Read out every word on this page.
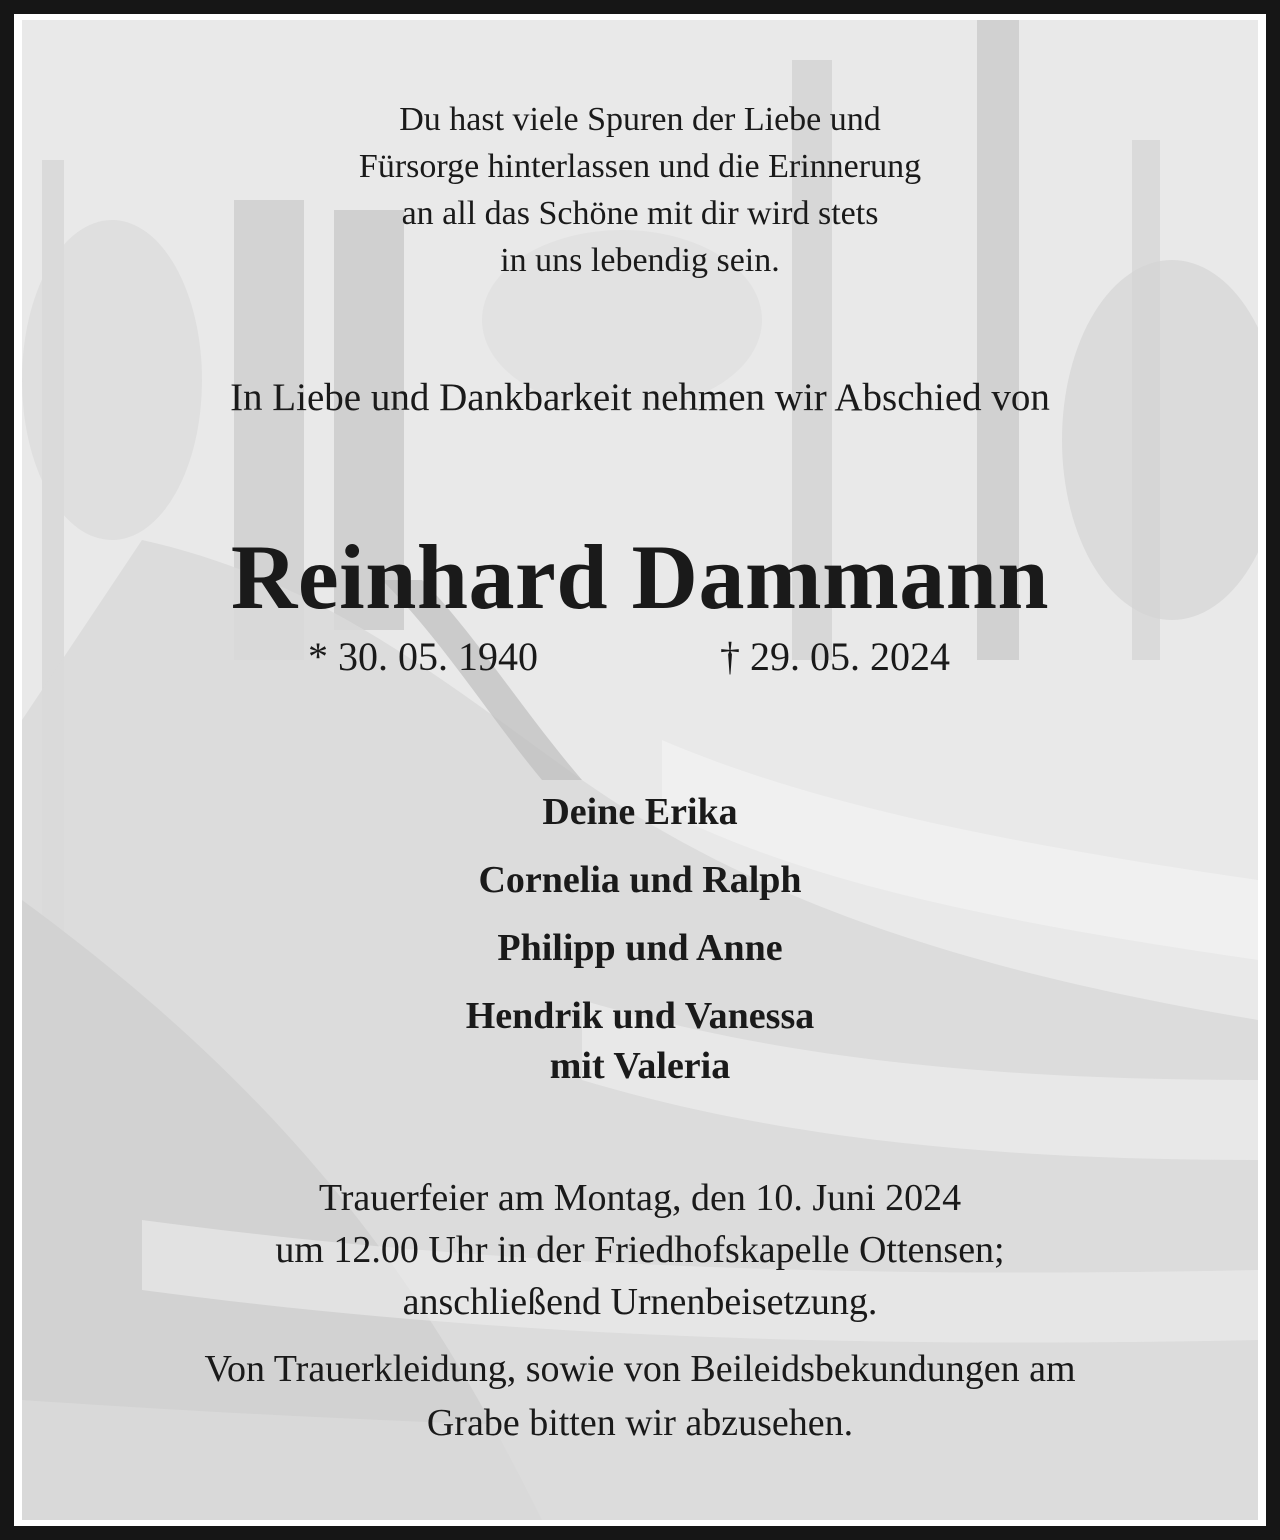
Du hast viele Spuren der Liebe und
Fürsorge hinterlassen und die Erinnerung
an all das Schöne mit dir wird stets
in uns lebendig sein.
In Liebe und Dankbarkeit nehmen wir Abschied von
Reinhard Dammann
* 30. 05. 1940	† 29. 05. 2024
Deine Erika
Cornelia und Ralph
Philipp und Anne
Hendrik und Vanessa
mit Valeria
Trauerfeier am Montag, den 10. Juni 2024
um 12.00 Uhr in der Friedhofskapelle Ottensen;
anschließend Urnenbeisetzung.
Von Trauerkleidung, sowie von Beileidsbekundungen am
Grabe bitten wir abzusehen.
